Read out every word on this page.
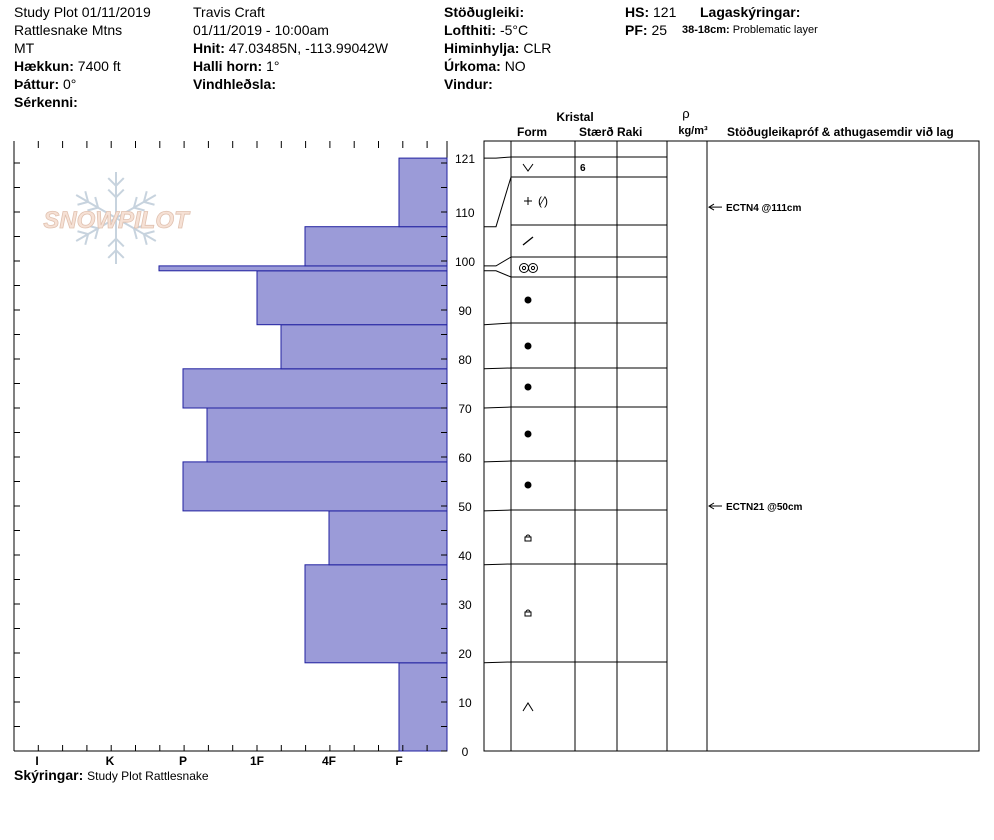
Study Plot 01/11/2019
Rattlesnake Mtns
MT
Hækkun: 7400 ft
Þáttur: 0°
Sérkenni:
Travis Craft
01/11/2019 - 10:00am
Hnit: 47.03485N, -113.99042W
Halli horn: 1°
Vindhleðsla:
Stöðugleiki:
Lofthiti: -5°C
Himinhylja: CLR
Úrkoma: NO
Vindur:
HS: 121
PF: 25
Lagaskýringar:
38-18cm: Problematic layer
SNOWPILOT
0
10
20
30
40
50
60
70
80
90
100
110
121
I	K	P	1F	4F	F
Kristal
Form	Stærð Raki
ρ
kg/m³ Stöðugleikapróf & athugasemdir við lag
(⁄)
6
ECTN4 @111cm
ECTN21 @50cm
Skýringar: Study Plot Rattlesnake
